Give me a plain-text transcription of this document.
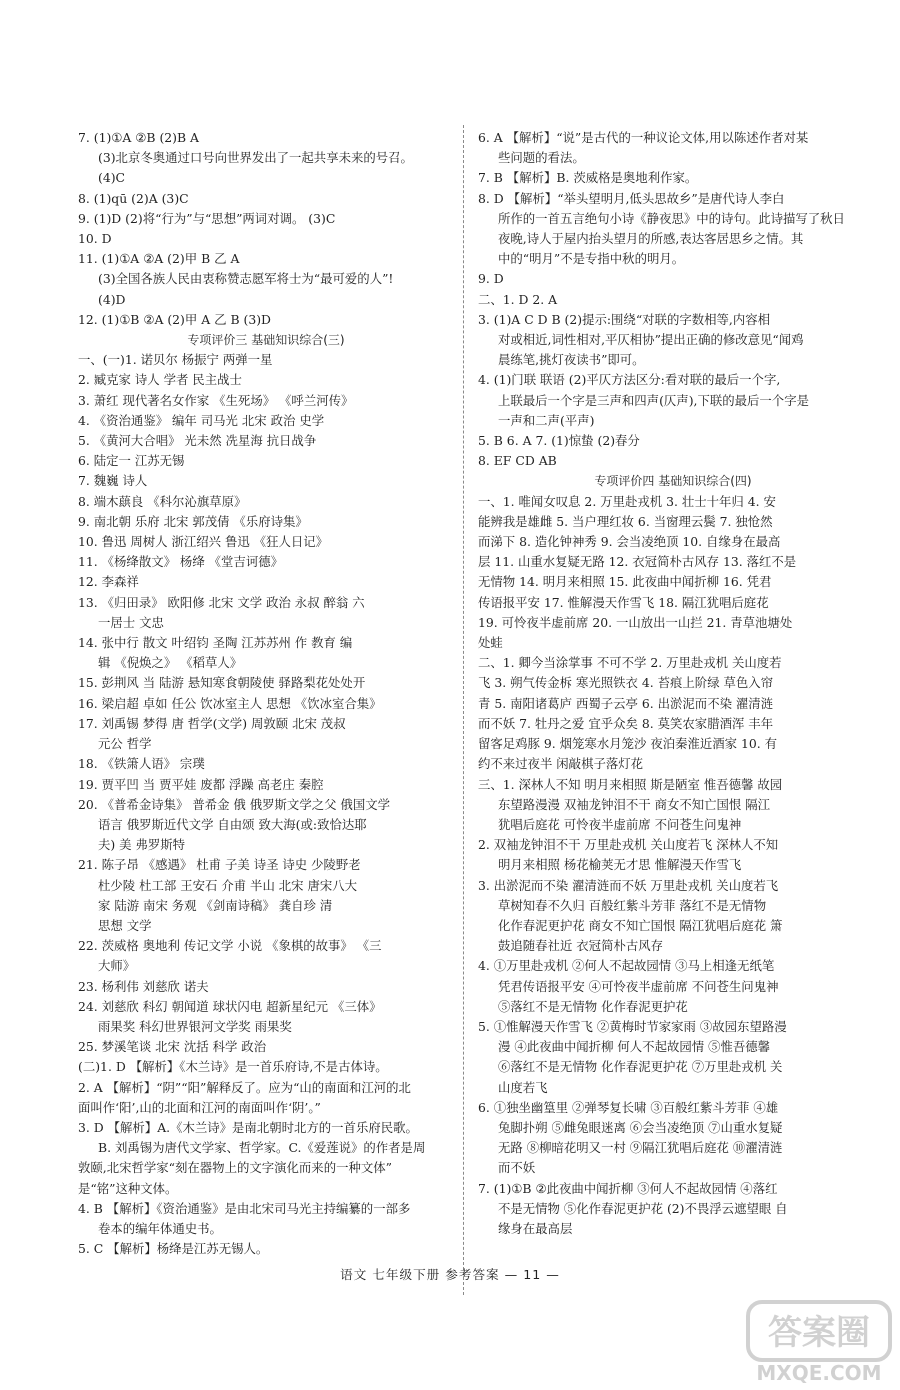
7. (1)①A ②B (2)B A
(3)北京冬奥通过口号向世界发出了一起共享未来的号召。
(4)C
8. (1)qū (2)A (3)C
9. (1)D (2)将“行为”与“思想”两词对调。 (3)C
10. D
11. (1)①A ②A (2)甲 B 乙 A
(3)全国各族人民由衷称赞志愿军将士为“最可爱的人”!
(4)D
12. (1)①B ②A (2)甲 A 乙 B (3)D
专项评价三 基础知识综合(三)
一、(一)1. 诺贝尔 杨振宁 两弹一星
2. 臧克家 诗人 学者 民主战士
3. 萧红 现代著名女作家 《生死场》 《呼兰河传》
4. 《资治通鉴》 编年 司马光 北宋 政治 史学
5. 《黄河大合唱》 光未然 冼星海 抗日战争
6. 陆定一 江苏无锡
7. 魏巍 诗人
8. 端木蕻良 《科尔沁旗草原》
9. 南北朝 乐府 北宋 郭茂倩 《乐府诗集》
10. 鲁迅 周树人 浙江绍兴 鲁迅 《狂人日记》
11. 《杨绛散文》 杨绛 《堂吉诃德》
12. 李森祥
13. 《归田录》 欧阳修 北宋 文学 政治 永叔 醉翁 六
一居士 文忠
14. 张中行 散文 叶绍钧 圣陶 江苏苏州 作 教育 编
辑 《倪焕之》 《稻草人》
15. 彭荆风 当 陆游 悬知寒食朝陵使 驿路梨花处处开
16. 梁启超 卓如 任公 饮冰室主人 思想 《饮冰室合集》
17. 刘禹锡 梦得 唐 哲学(文学) 周敦颐 北宋 茂叔
元公 哲学
18. 《铁箫人语》 宗璞
19. 贾平凹 当 贾平娃 废都 浮躁 高老庄 秦腔
20. 《普希金诗集》 普希金 俄 俄罗斯文学之父 俄国文学
语言 俄罗斯近代文学 自由颂 致大海(或:致恰达耶
夫) 美 弗罗斯特
21. 陈子昂 《感遇》 杜甫 子美 诗圣 诗史 少陵野老
杜少陵 杜工部 王安石 介甫 半山 北宋 唐宋八大
家 陆游 南宋 务观 《剑南诗稿》 龚自珍 清
思想 文学
22. 茨威格 奥地利 传记文学 小说 《象棋的故事》 《三
大师》
23. 杨利伟 刘慈欣 诺夫
24. 刘慈欣 科幻 朝闻道 球状闪电 超新星纪元 《三体》
雨果奖 科幻世界银河文学奖 雨果奖
25. 梦溪笔谈 北宋 沈括 科学 政治
(二)1. D 【解析】《木兰诗》是一首乐府诗,不是古体诗。
2. A 【解析】“阴”“阳”解释反了。应为“山的南面和江河的北
面叫作‘阳’,山的北面和江河的南面叫作‘阴’。”
3. D 【解析】A.《木兰诗》是南北朝时北方的一首乐府民歌。
B. 刘禹锡为唐代文学家、哲学家。C.《爱莲说》的作者是周
敦颐,北宋哲学家“刻在器物上的文字演化而来的一种文体”
是“铭”这种文体。
4. B 【解析】《资治通鉴》是由北宋司马光主持编纂的一部多
卷本的编年体通史书。
5. C 【解析】杨绛是江苏无锡人。
6. A 【解析】“说”是古代的一种议论文体,用以陈述作者对某
些问题的看法。
7. B 【解析】B. 茨威格是奥地利作家。
8. D 【解析】“举头望明月,低头思故乡”是唐代诗人李白
所作的一首五言绝句小诗《静夜思》中的诗句。此诗描写了秋日
夜晚,诗人于屋内抬头望月的所感,表达客居思乡之情。其
中的“明月”不是专指中秋的明月。
9. D
二、1. D 2. A
3. (1)A C D B (2)提示:围绕“对联的字数相等,内容相
对或相近,词性相对,平仄相协”提出正确的修改意见“闻鸡
晨练笔,挑灯夜读书”即可。
4. (1)门联 联语 (2)平仄方法区分:看对联的最后一个字,
上联最后一个字是三声和四声(仄声),下联的最后一个字是
一声和二声(平声)
5. B 6. A 7. (1)惊蛰 (2)春分
8. EF CD AB
专项评价四 基础知识综合(四)
一、1. 唯闻女叹息 2. 万里赴戎机 3. 壮士十年归 4. 安
能辨我是雄雌 5. 当户理红妆 6. 当窗理云鬓 7. 独怆然
而涕下 8. 造化钟神秀 9. 会当凌绝顶 10. 自缘身在最高
层 11. 山重水复疑无路 12. 衣冠简朴古风存 13. 落红不是
无情物 14. 明月来相照 15. 此夜曲中闻折柳 16. 凭君
传语报平安 17. 惟解漫天作雪飞 18. 隔江犹唱后庭花
19. 可怜夜半虚前席 20. 一山放出一山拦 21. 青草池塘处
处蛙
二、1. 卿今当涂掌事 不可不学 2. 万里赴戎机 关山度若
飞 3. 朔气传金柝 寒光照铁衣 4. 苔痕上阶绿 草色入帘
青 5. 南阳诸葛庐 西蜀子云亭 6. 出淤泥而不染 濯清涟
而不妖 7. 牡丹之爱 宜乎众矣 8. 莫笑农家腊酒浑 丰年
留客足鸡豚 9. 烟笼寒水月笼沙 夜泊秦淮近酒家 10. 有
约不来过夜半 闲敲棋子落灯花
三、1. 深林人不知 明月来相照 斯是陋室 惟吾德馨 故园
东望路漫漫 双袖龙钟泪不干 商女不知亡国恨 隔江
犹唱后庭花 可怜夜半虚前席 不问苍生问鬼神
2. 双袖龙钟泪不干 万里赴戎机 关山度若飞 深林人不知
明月来相照 杨花榆荚无才思 惟解漫天作雪飞
3. 出淤泥而不染 濯清涟而不妖 万里赴戎机 关山度若飞
草树知春不久归 百般红紫斗芳菲 落红不是无情物
化作春泥更护花 商女不知亡国恨 隔江犹唱后庭花 箫
鼓追随春社近 衣冠简朴古风存
4. ①万里赴戎机 ②何人不起故园情 ③马上相逢无纸笔
凭君传语报平安 ④可怜夜半虚前席 不问苍生问鬼神
⑤落红不是无情物 化作春泥更护花
5. ①惟解漫天作雪飞 ②黄梅时节家家雨 ③故园东望路漫
漫 ④此夜曲中闻折柳 何人不起故园情 ⑤惟吾德馨
⑥落红不是无情物 化作春泥更护花 ⑦万里赴戎机 关
山度若飞
6. ①独坐幽篁里 ②弹琴复长啸 ③百般红紫斗芳菲 ④雄
兔脚扑朔 ⑤雌兔眼迷离 ⑥会当凌绝顶 ⑦山重水复疑
无路 ⑧柳暗花明又一村 ⑨隔江犹唱后庭花 ⑩濯清涟
而不妖
7. (1)①B ②此夜曲中闻折柳 ③何人不起故园情 ④落红
不是无情物 ⑤化作春泥更护花 (2)不畏浮云遮望眼 自
缘身在最高层
语文 七年级下册 参考答案 — 11 —
答案圈
MXQE.COM
